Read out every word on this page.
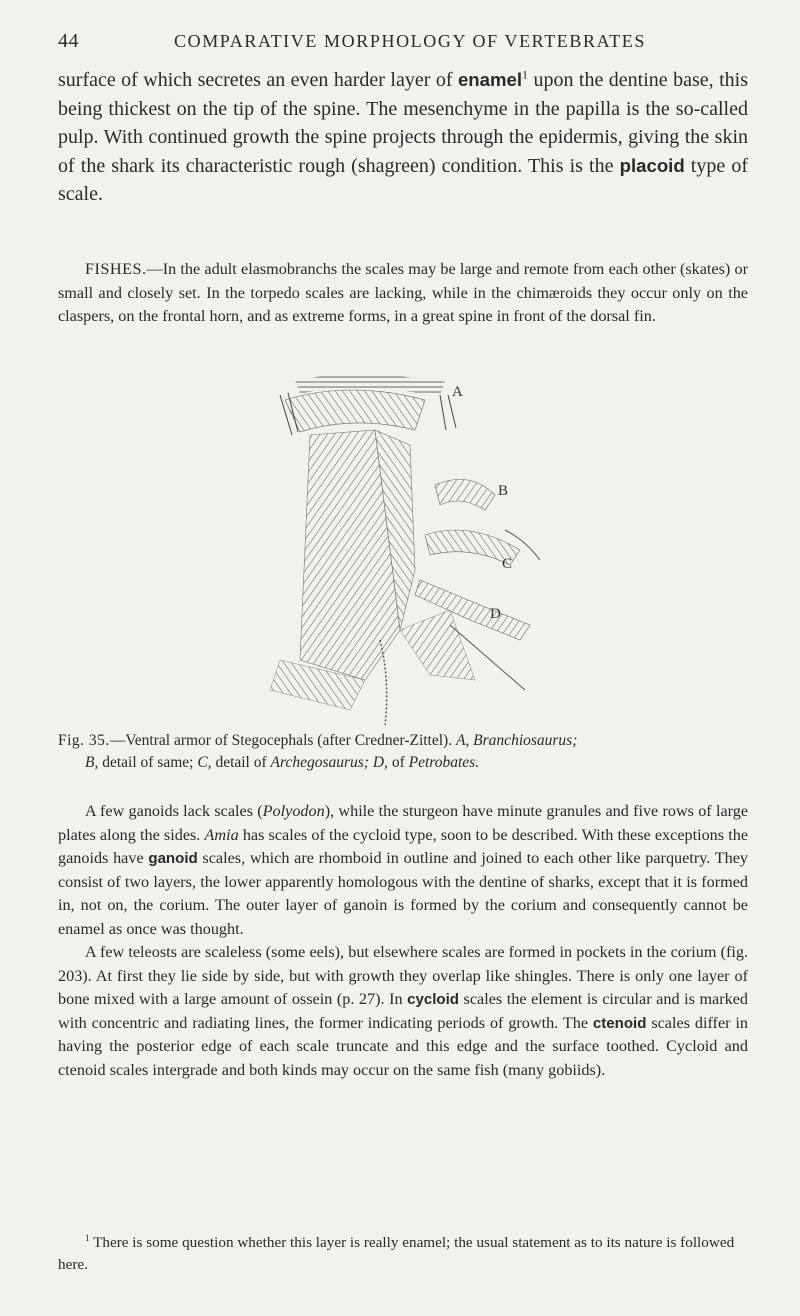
44	COMPARATIVE MORPHOLOGY OF VERTEBRATES

surface of which secretes an even harder layer of enamel$^1$ upon the dentine base, this being thickest on the tip of the spine. The mesenchyme in the papilla is the so-called pulp. With continued growth the spine projects through the epidermis, giving the skin of the shark its characteristic rough (shagreen) condition. This is the placoid type of scale.

FISHES.—In the adult elasmobranchs the scales may be large and remote from each other (skates) or small and closely set. In the torpedo scales are lacking, while in the chimæroids they occur only on the claspers, on the frontal horn, and as extreme forms, in a great spine in front of the dorsal fin.

A
B
C
D

Fig. 35.—Ventral armor of Stegocephals (after Credner-Zittel). A, Branchiosaurus;
B, detail of same; C, detail of Archegosaurus; D, of Petrobates.

A few ganoids lack scales (Polyodon), while the sturgeon have minute granules and five rows of large plates along the sides. Amia has scales of the cycloid type, soon to be described. With these exceptions the ganoids have ganoid scales, which are rhomboid in outline and joined to each other like parquetry. They consist of two layers, the lower apparently homologous with the dentine of sharks, except that it is formed in, not on, the corium. The outer layer of ganoin is formed by the corium and consequently cannot be enamel as once was thought.

A few teleosts are scaleless (some eels), but elsewhere scales are formed in pockets in the corium (fig. 203). At first they lie side by side, but with growth they overlap like shingles. There is only one layer of bone mixed with a large amount of ossein (p. 27). In cycloid scales the element is circular and is marked with concentric and radiating lines, the former indicating periods of growth. The ctenoid scales differ in having the posterior edge of each scale truncate and this edge and the surface toothed. Cycloid and ctenoid scales intergrade and both kinds may occur on the same fish (many gobiids).

$^1$ There is some question whether this layer is really enamel; the usual statement as to its nature is followed here.
